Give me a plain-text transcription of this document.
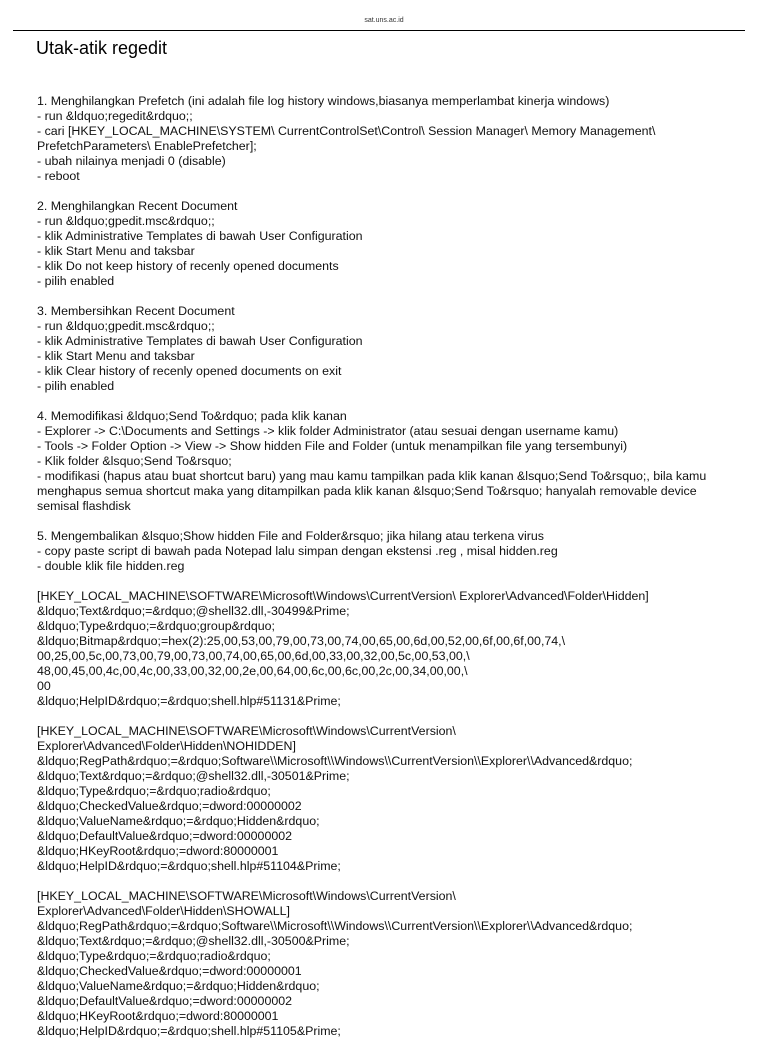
sat.uns.ac.id
Utak-atik regedit
1. Menghilangkan Prefetch (ini adalah file log history windows,biasanya memperlambat kinerja windows)
- run &ldquo;regedit&rdquo;;
- cari [HKEY_LOCAL_MACHINE\SYSTEM\ CurrentControlSet\Control\ Session Manager\ Memory Management\ PrefetchParameters\ EnablePrefetcher];
- ubah nilainya menjadi 0 (disable)
- reboot
2. Menghilangkan Recent Document
- run &ldquo;gpedit.msc&rdquo;;
- klik Administrative Templates di bawah User Configuration
- klik Start Menu and taksbar
- klik Do not keep history of recenly opened documents
- pilih enabled
3. Membersihkan Recent Document
- run &ldquo;gpedit.msc&rdquo;;
- klik Administrative Templates di bawah User Configuration
- klik Start Menu and taksbar
- klik Clear history of recenly opened documents on exit
- pilih enabled
4. Memodifikasi &ldquo;Send To&rdquo; pada klik kanan
- Explorer -> C:\Documents and Settings -> klik folder Administrator (atau sesuai dengan username kamu)
- Tools -> Folder Option -> View -> Show hidden File and Folder (untuk menampilkan file yang tersembunyi)
- Klik folder &lsquo;Send To&rsquo;
- modifikasi (hapus atau buat shortcut baru) yang mau kamu tampilkan pada klik kanan &lsquo;Send To&rsquo;, bila kamu menghapus semua shortcut maka yang ditampilkan pada klik kanan &lsquo;Send To&rsquo; hanyalah removable device semisal flashdisk
5. Mengembalikan &lsquo;Show hidden File and Folder&rsquo; jika hilang atau terkena virus
- copy paste script di bawah pada Notepad lalu simpan dengan ekstensi .reg , misal hidden.reg
- double klik file hidden.reg
[HKEY_LOCAL_MACHINE\SOFTWARE\Microsoft\Windows\CurrentVersion\ Explorer\Advanced\Folder\Hidden]
&ldquo;Text&rdquo;=&rdquo;@shell32.dll,-30499&Prime;
&ldquo;Type&rdquo;=&rdquo;group&rdquo;
&ldquo;Bitmap&rdquo;=hex(2):25,00,53,00,79,00,73,00,74,00,65,00,6d,00,52,00,6f,00,6f,00,74,\
00,25,00,5c,00,73,00,79,00,73,00,74,00,65,00,6d,00,33,00,32,00,5c,00,53,00,\
48,00,45,00,4c,00,4c,00,33,00,32,00,2e,00,64,00,6c,00,6c,00,2c,00,34,00,00,\
00
&ldquo;HelpID&rdquo;=&rdquo;shell.hlp#51131&Prime;
[HKEY_LOCAL_MACHINE\SOFTWARE\Microsoft\Windows\CurrentVersion\
Explorer\Advanced\Folder\Hidden\NOHIDDEN]
&ldquo;RegPath&rdquo;=&rdquo;Software\\Microsoft\\Windows\\CurrentVersion\\Explorer\\Advanced&rdquo;
&ldquo;Text&rdquo;=&rdquo;@shell32.dll,-30501&Prime;
&ldquo;Type&rdquo;=&rdquo;radio&rdquo;
&ldquo;CheckedValue&rdquo;=dword:00000002
&ldquo;ValueName&rdquo;=&rdquo;Hidden&rdquo;
&ldquo;DefaultValue&rdquo;=dword:00000002
&ldquo;HKeyRoot&rdquo;=dword:80000001
&ldquo;HelpID&rdquo;=&rdquo;shell.hlp#51104&Prime;
[HKEY_LOCAL_MACHINE\SOFTWARE\Microsoft\Windows\CurrentVersion\
Explorer\Advanced\Folder\Hidden\SHOWALL]
&ldquo;RegPath&rdquo;=&rdquo;Software\\Microsoft\\Windows\\CurrentVersion\\Explorer\\Advanced&rdquo;
&ldquo;Text&rdquo;=&rdquo;@shell32.dll,-30500&Prime;
&ldquo;Type&rdquo;=&rdquo;radio&rdquo;
&ldquo;CheckedValue&rdquo;=dword:00000001
&ldquo;ValueName&rdquo;=&rdquo;Hidden&rdquo;
&ldquo;DefaultValue&rdquo;=dword:00000002
&ldquo;HKeyRoot&rdquo;=dword:80000001
&ldquo;HelpID&rdquo;=&rdquo;shell.hlp#51105&Prime;
